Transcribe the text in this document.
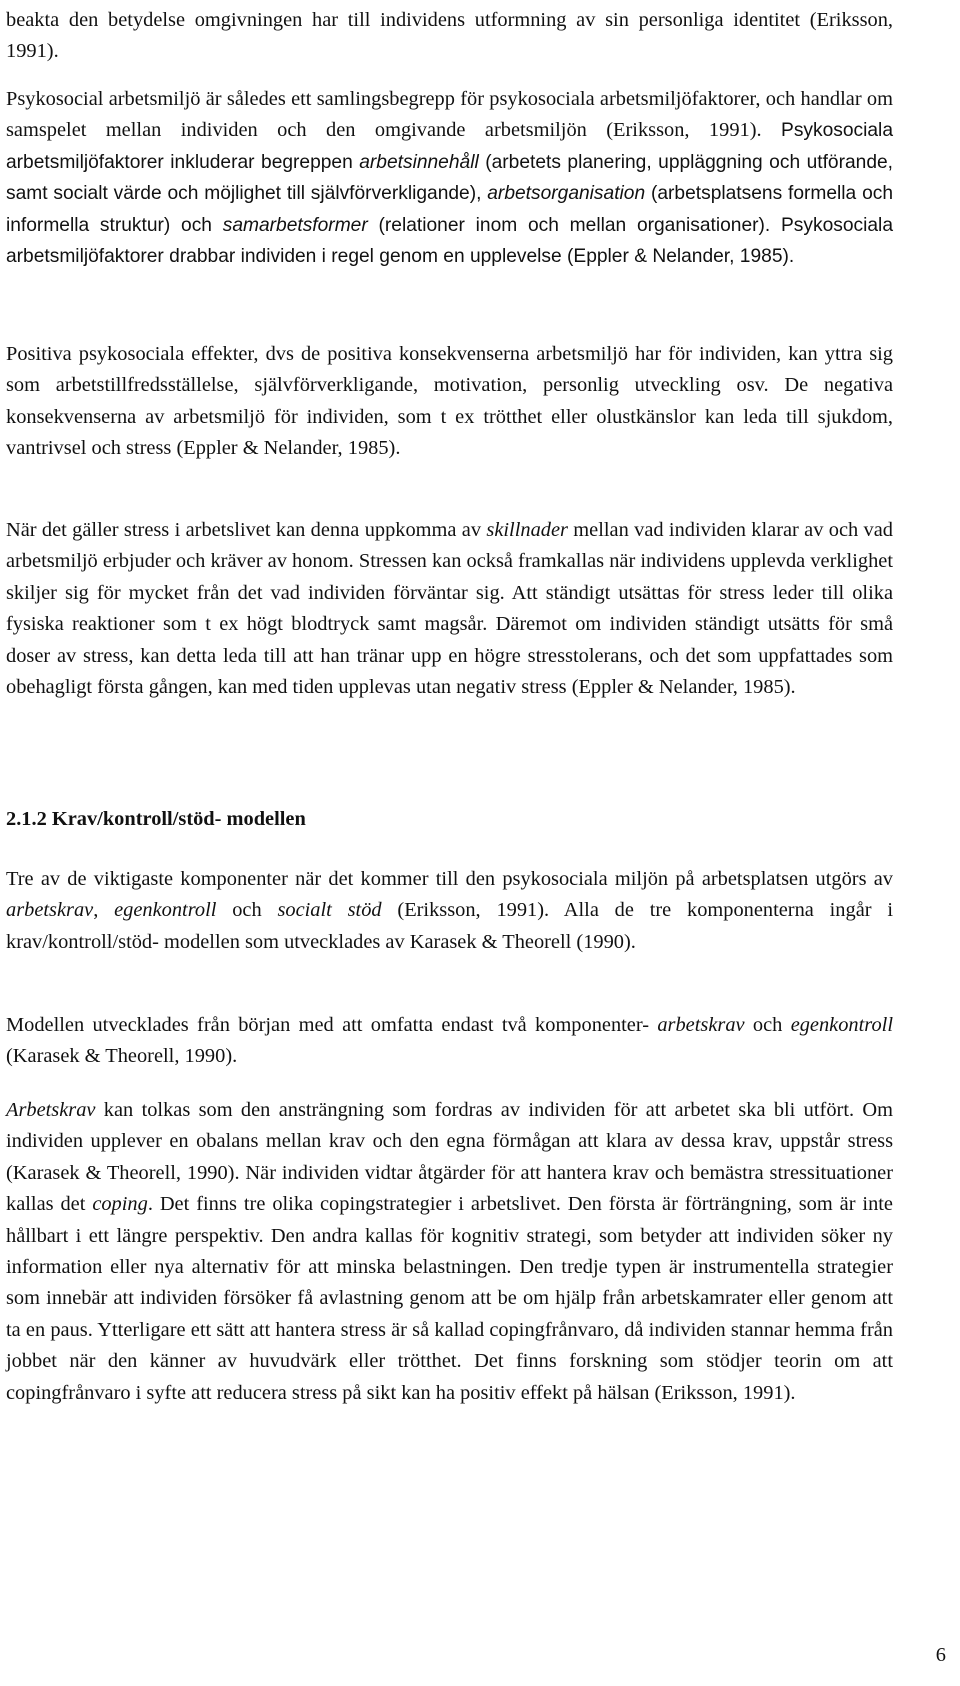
beakta den betydelse omgivningen har till individens utformning av sin personliga identitet (Eriksson, 1991).

Psykosocial arbetsmiljö är således ett samlingsbegrepp för psykosociala arbetsmiljöfaktorer, och handlar om samspelet mellan individen och den omgivande arbetsmiljön (Eriksson, 1991). Psykosociala arbetsmiljöfaktorer inkluderar begreppen arbetsinnehåll (arbetets planering, uppläggning och utförande, samt socialt värde och möjlighet till självförverkligande), arbetsorganisation (arbetsplatsens formella och informella struktur) och samarbetsformer (relationer inom och mellan organisationer). Psykosociala arbetsmiljöfaktorer drabbar individen i regel genom en upplevelse (Eppler & Nelander, 1985).

Positiva psykosociala effekter, dvs de positiva konsekvenserna arbetsmiljö har för individen, kan yttra sig som arbetstillfredsställelse, självförverkligande, motivation, personlig utveckling osv. De negativa konsekvenserna av arbetsmiljö för individen, som t ex trötthet eller olustkänslor kan leda till sjukdom, vantrivsel och stress (Eppler & Nelander, 1985).

När det gäller stress i arbetslivet kan denna uppkomma av skillnader mellan vad individen klarar av och vad arbetsmiljö erbjuder och kräver av honom. Stressen kan också framkallas när individens upplevda verklighet skiljer sig för mycket från det vad individen förväntar sig. Att ständigt utsättas för stress leder till olika fysiska reaktioner som t ex högt blodtryck samt magsår. Däremot om individen ständigt utsätts för små doser av stress, kan detta leda till att han tränar upp en högre stresstolerans, och det som uppfattades som obehagligt första gången, kan med tiden upplevas utan negativ stress (Eppler & Nelander, 1985).

2.1.2 Krav/kontroll/stöd- modellen

Tre av de viktigaste komponenter när det kommer till den psykosociala miljön på arbetsplatsen utgörs av arbetskrav, egenkontroll och socialt stöd (Eriksson, 1991). Alla de tre komponenterna ingår i krav/kontroll/stöd- modellen som utvecklades av Karasek & Theorell (1990).

Modellen utvecklades från början med att omfatta endast två komponenter- arbetskrav och egenkontroll (Karasek & Theorell, 1990).

Arbetskrav kan tolkas som den ansträngning som fordras av individen för att arbetet ska bli utfört. Om individen upplever en obalans mellan krav och den egna förmågan att klara av dessa krav, uppstår stress (Karasek & Theorell, 1990). När individen vidtar åtgärder för att hantera krav och bemästra stressituationer kallas det coping. Det finns tre olika copingstrategier i arbetslivet. Den första är förträngning, som är inte hållbart i ett längre perspektiv. Den andra kallas för kognitiv strategi, som betyder att individen söker ny information eller nya alternativ för att minska belastningen. Den tredje typen är instrumentella strategier som innebär att individen försöker få avlastning genom att be om hjälp från arbetskamrater eller genom att ta en paus. Ytterligare ett sätt att hantera stress är så kallad copingfrånvaro, då individen stannar hemma från jobbet när den känner av huvudvärk eller trötthet. Det finns forskning som stödjer teorin om att copingfrånvaro i syfte att reducera stress på sikt kan ha positiv effekt på hälsan (Eriksson, 1991).

6
